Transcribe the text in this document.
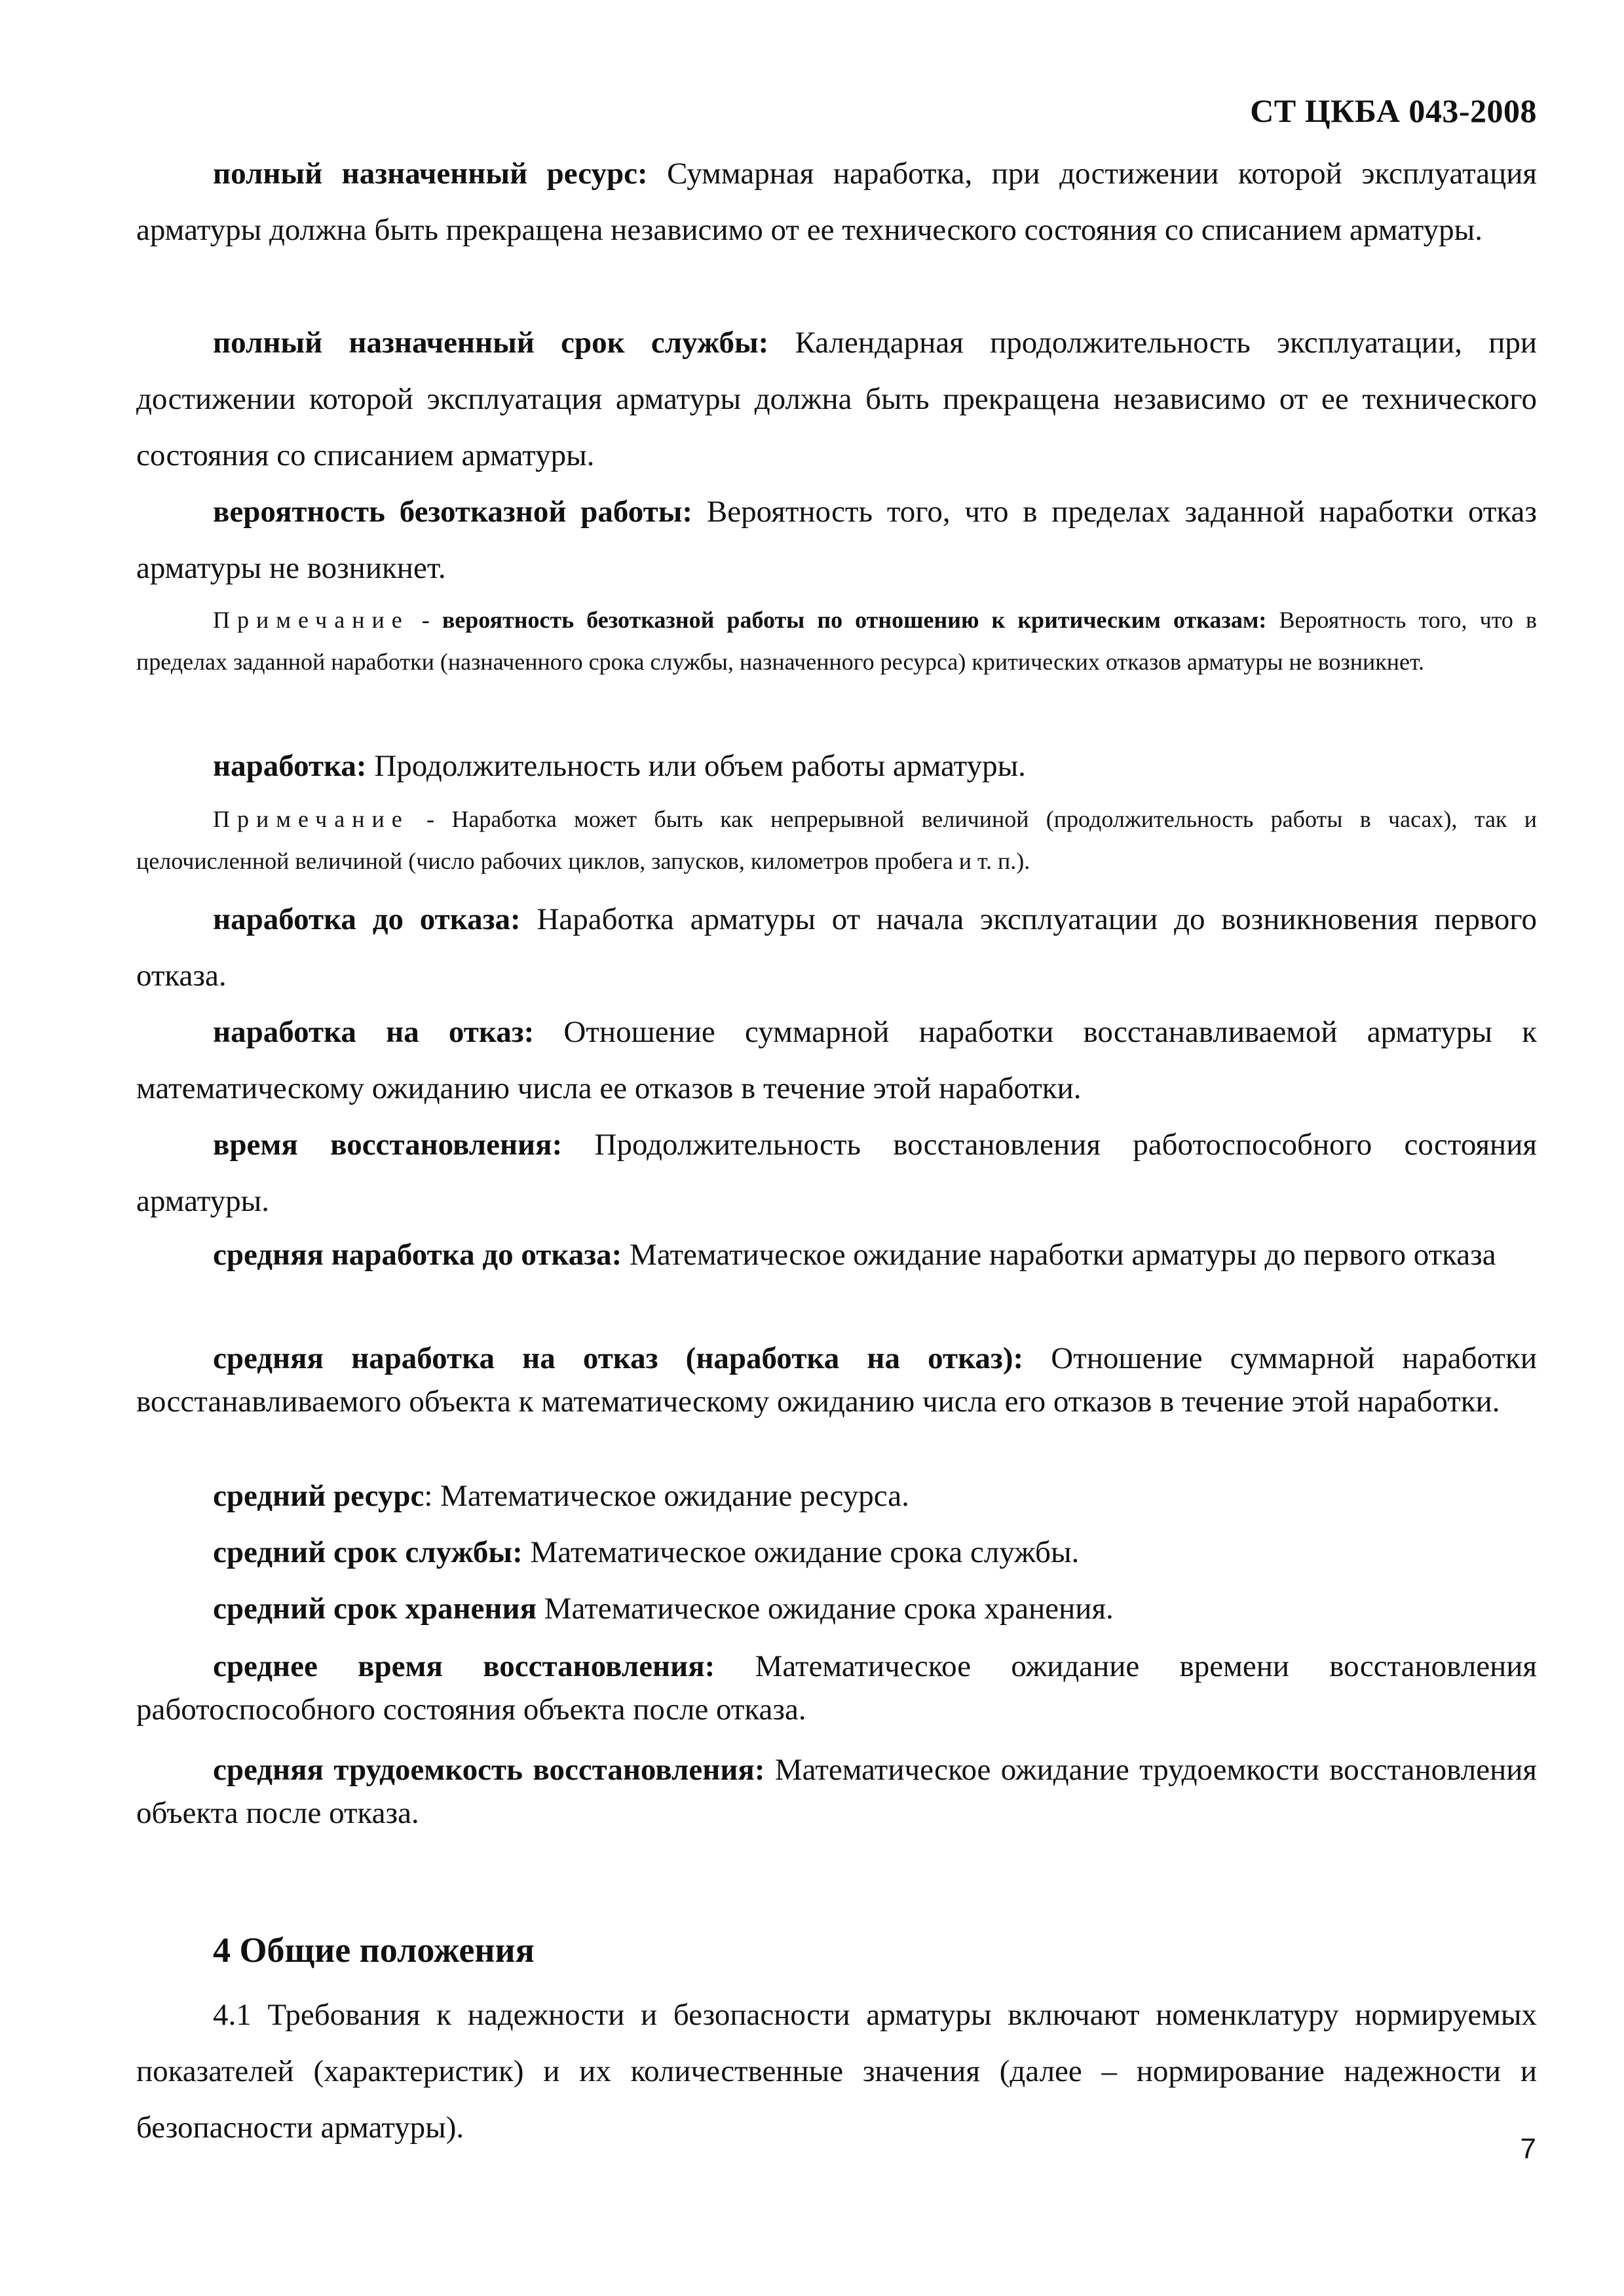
СТ ЦКБА 043-2008

полный назначенный ресурс: Суммарная наработка, при достижении которой эксплуатация арматуры должна быть прекращена независимо от ее технического состояния со списанием арматуры.

полный назначенный срок службы: Календарная продолжительность эксплуатации, при достижении которой эксплуатация арматуры должна быть прекращена независимо от ее технического состояния со списанием арматуры.

вероятность безотказной работы: Вероятность того, что в пределах заданной наработки отказ арматуры не возникнет.

Примечание - вероятность безотказной работы по отношению к критическим отказам: Вероятность того, что в пределах заданной наработки (назначенного срока службы, назначенного ресурса) критических отказов арматуры не возникнет.

наработка: Продолжительность или объем работы арматуры.

Примечание - Наработка может быть как непрерывной величиной (продолжительность работы в часах), так и целочисленной величиной (число рабочих циклов, запусков, километров пробега и т. п.).

наработка до отказа: Наработка арматуры от начала эксплуатации до возникновения первого отказа.

наработка на отказ: Отношение суммарной наработки восстанавливаемой арматуры к математическому ожиданию числа ее отказов в течение этой наработки.

время восстановления: Продолжительность восстановления работоспособного состояния арматуры.

средняя наработка до отказа: Математическое ожидание наработки арматуры до первого отказа

средняя наработка на отказ (наработка на отказ): Отношение суммарной наработки восстанавливаемого объекта к математическому ожиданию числа его отказов в течение этой наработки.

средний ресурс: Математическое ожидание ресурса.

средний срок службы: Математическое ожидание срока службы.

средний срок хранения Математическое ожидание срока хранения.

среднее время восстановления: Математическое ожидание времени восстановления работоспособного состояния объекта после отказа.

средняя трудоемкость восстановления: Математическое ожидание трудоемкости восстановления объекта после отказа.

4 Общие положения

4.1 Требования к надежности и безопасности арматуры включают номенклатуру нормируемых показателей (характеристик) и их количественные значения (далее – нормирование надежности и безопасности арматуры).

7
